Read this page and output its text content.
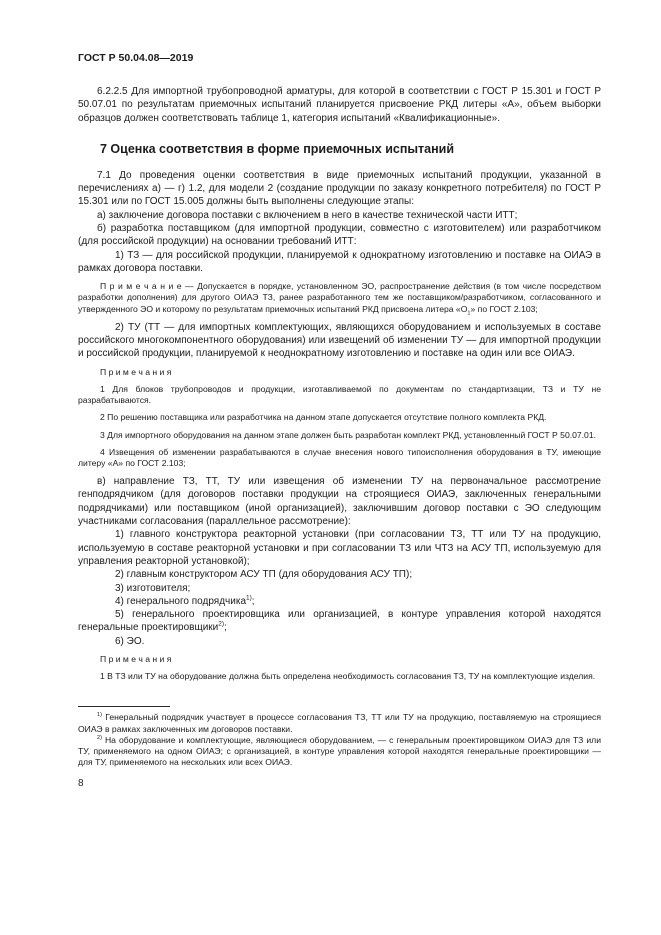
ГОСТ Р 50.04.08—2019

6.2.2.5 Для импортной трубопроводной арматуры, для которой в соответствии с ГОСТ Р 15.301 и ГОСТ Р 50.07.01 по результатам приемочных испытаний планируется присвоение РКД литеры «А», объем выборки образцов должен соответствовать таблице 1, категория испытаний «Квалификационные».

7 Оценка соответствия в форме приемочных испытаний

7.1 До проведения оценки соответствия в виде приемочных испытаний продукции, указанной в перечислениях а) — г) 1.2, для модели 2 (создание продукции по заказу конкретного потребителя) по ГОСТ Р 15.301 или по ГОСТ 15.005 должны быть выполнены следующие этапы:

а) заключение договора поставки с включением в него в качестве технической части ИТТ;

б) разработка поставщиком (для импортной продукции, совместно с изготовителем) или разработчиком (для российской продукции) на основании требований ИТТ:

1) ТЗ — для российской продукции, планируемой к однократному изготовлению и поставке на ОИАЭ в рамках договора поставки.

П р и м е ч а н и е — Допускается в порядке, установленном ЭО, распространение действия (в том числе посредством разработки дополнения) для другого ОИАЭ ТЗ, ранее разработанного тем же поставщиком/разработчиком, согласованного и утвержденного ЭО и которому по результатам приемочных испытаний РКД присвоена литера «$О_1$» по ГОСТ 2.103;

2) ТУ (ТТ — для импортных комплектующих, являющихся оборудованием и используемых в составе российского многокомпонентного оборудования) или извещений об изменении ТУ — для импортной продукции и российской продукции, планируемой к неоднократному изготовлению и поставке на один или все ОИАЭ.

П р и м е ч а н и я

1 Для блоков трубопроводов и продукции, изготавливаемой по документам по стандартизации, ТЗ и ТУ не разрабатываются.

2 По решению поставщика или разработчика на данном этапе допускается отсутствие полного комплекта РКД.

3 Для импортного оборудования на данном этапе должен быть разработан комплект РКД, установленный ГОСТ Р 50.07.01.

4 Извещения об изменении разрабатываются в случае внесения нового типоисполнения оборудования в ТУ, имеющие литеру «А» по ГОСТ 2.103;

в) направление ТЗ, ТТ, ТУ или извещения об изменении ТУ на первоначальное рассмотрение генподрядчиком (для договоров поставки продукции на строящиеся ОИАЭ, заключенных генеральными подрядчиками) или поставщиком (иной организацией), заключившим договор поставки с ЭО следующим участниками согласования (параллельное рассмотрение):

1) главного конструктора реакторной установки (при согласовании ТЗ, ТТ или ТУ на продукцию, используемую в составе реакторной установки и при согласовании ТЗ или ЧТЗ на АСУ ТП, используемую для управления реакторной установкой);

2) главным конструктором АСУ ТП (для оборудования АСУ ТП);

3) изготовителя;

4) генерального подрядчика$^{1)}$;

5) генерального проектировщика или организацией, в контуре управления которой находятся генеральные проектировщики$^{2)}$;

6) ЭО.

П р и м е ч а н и я

1 В ТЗ или ТУ на оборудование должна быть определена необходимость согласования ТЗ, ТУ на комплектующие изделия.

$^{1)}$ Генеральный подрядчик участвует в процессе согласования ТЗ, ТТ или ТУ на продукцию, поставляемую на строящиеся ОИАЭ в рамках заключенных им договоров поставки.

$^{2)}$ На оборудование и комплектующие, являющиеся оборудованием, — с генеральным проектировщиком ОИАЭ для ТЗ или ТУ, применяемого на одном ОИАЭ; с организацией, в контуре управления которой находятся генеральные проектировщики — для ТУ, применяемого на нескольких или всех ОИАЭ.

8
